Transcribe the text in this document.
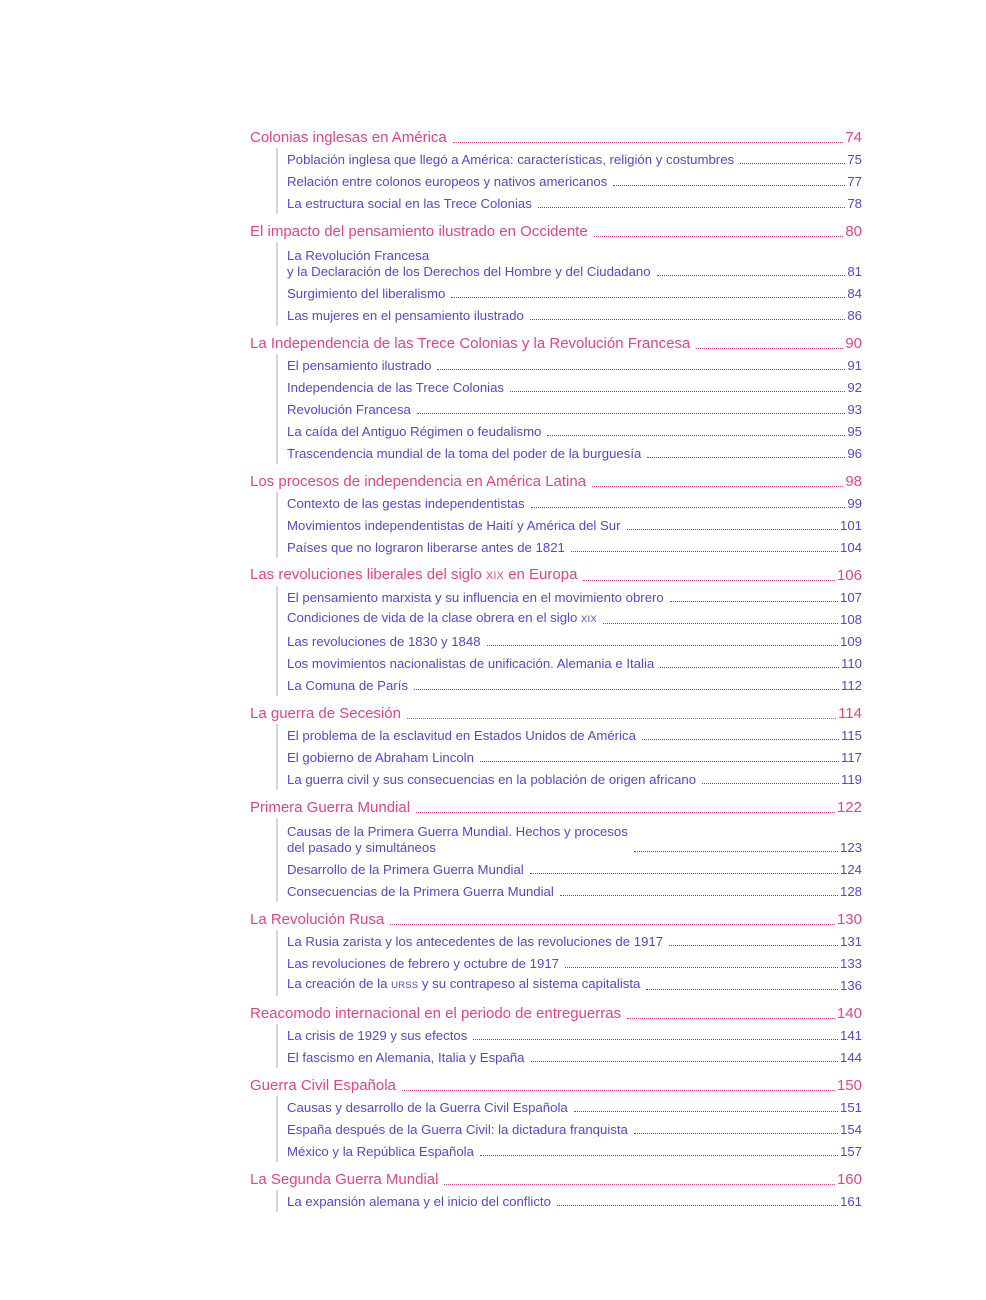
Colonias inglesas en América	74
Población inglesa que llegó a América: características, religión y costumbres	75
Relación entre colonos europeos y nativos americanos	77
La estructura social en las Trece Colonias	78
El impacto del pensamiento ilustrado en Occidente	80
La Revolución Francesa
y la Declaración de los Derechos del Hombre y del Ciudadano	81
Surgimiento del liberalismo	84
Las mujeres en el pensamiento ilustrado	86
La Independencia de las Trece Colonias y la Revolución Francesa	90
El pensamiento ilustrado	91
Independencia de las Trece Colonias	92
Revolución Francesa	93
La caída del Antiguo Régimen o feudalismo	95
Trascendencia mundial de la toma del poder de la burguesía	96
Los procesos de independencia en América Latina	98
Contexto de las gestas independentistas	99
Movimientos independentistas de Haití y América del Sur	101
Países que no lograron liberarse antes de 1821	104
Las revoluciones liberales del siglo XIX en Europa	106
El pensamiento marxista y su influencia en el movimiento obrero	107
Condiciones de vida de la clase obrera en el siglo XIX	108
Las revoluciones de 1830 y 1848	109
Los movimientos nacionalistas de unificación. Alemania e Italia	110
La Comuna de París	112
La guerra de Secesión	114
El problema de la esclavitud en Estados Unidos de América	115
El gobierno de Abraham Lincoln	117
La guerra civil y sus consecuencias en la población de origen africano	119
Primera Guerra Mundial	122
Causas de la Primera Guerra Mundial. Hechos y procesos
del pasado y simultáneos	123
Desarrollo de la Primera Guerra Mundial	124
Consecuencias de la Primera Guerra Mundial	128
La Revolución Rusa	130
La Rusia zarista y los antecedentes de las revoluciones de 1917	131
Las revoluciones de febrero y octubre de 1917	133
La creación de la URSS y su contrapeso al sistema capitalista	136
Reacomodo internacional en el periodo de entreguerras	140
La crisis de 1929 y sus efectos	141
El fascismo en Alemania, Italia y España	144
Guerra Civil Española	150
Causas y desarrollo de la Guerra Civil Española	151
España después de la Guerra Civil: la dictadura franquista	154
México y la República Española	157
La Segunda Guerra Mundial	160
La expansión alemana y el inicio del conflicto	161
